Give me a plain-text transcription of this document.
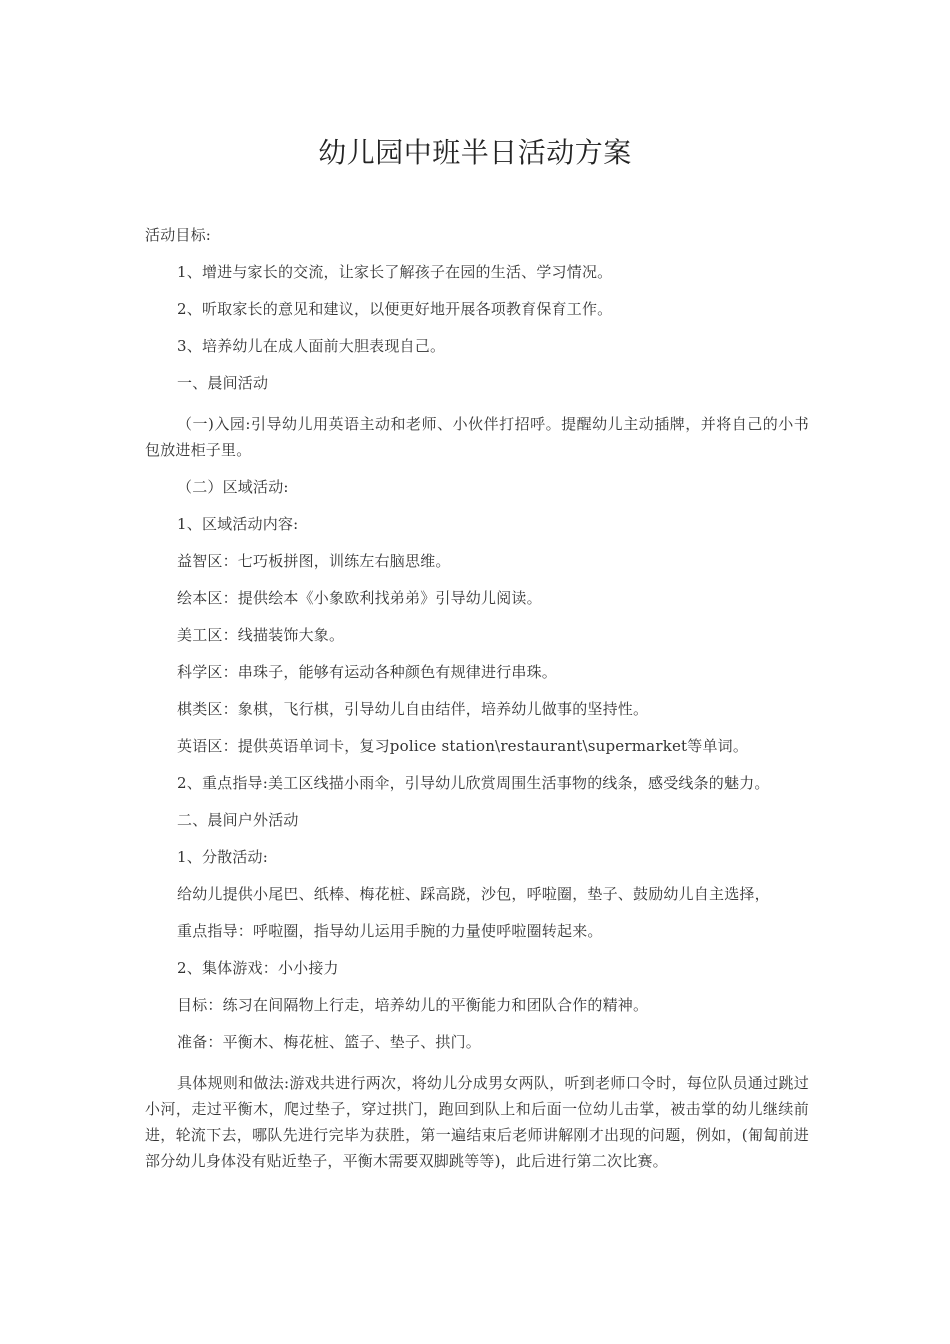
幼儿园中班半日活动方案

活动目标:

1、增进与家长的交流，让家长了解孩子在园的生活、学习情况。

2、听取家长的意见和建议，以便更好地开展各项教育保育工作。

3、培养幼儿在成人面前大胆表现自己。

一、晨间活动

（一)入园:引导幼儿用英语主动和老师、小伙伴打招呼。提醒幼儿主动插牌，并将自己的小书包放进柜子里。

（二）区域活动:

1、区域活动内容:

益智区：七巧板拼图，训练左右脑思维。

绘本区：提供绘本《小象欧利找弟弟》引导幼儿阅读。

美工区：线描装饰大象。

科学区：串珠子，能够有运动各种颜色有规律进行串珠。

棋类区：象棋，飞行棋，引导幼儿自由结伴，培养幼儿做事的坚持性。

英语区：提供英语单词卡，复习police station\restaurant\supermarket等单词。

2、重点指导:美工区线描小雨伞，引导幼儿欣赏周围生活事物的线条，感受线条的魅力。

二、晨间户外活动

1、分散活动:

给幼儿提供小尾巴、纸棒、梅花桩、踩高跷，沙包，呼啦圈，垫子、鼓励幼儿自主选择，

重点指导：呼啦圈，指导幼儿运用手腕的力量使呼啦圈转起来。

2、集体游戏：小小接力

目标：练习在间隔物上行走，培养幼儿的平衡能力和团队合作的精神。

准备：平衡木、梅花桩、篮子、垫子、拱门。

具体规则和做法:游戏共进行两次，将幼儿分成男女两队，听到老师口令时，每位队员通过跳过小河，走过平衡木，爬过垫子，穿过拱门，跑回到队上和后面一位幼儿击掌，被击掌的幼儿继续前进，轮流下去，哪队先进行完毕为获胜，第一遍结束后老师讲解刚才出现的问题，例如，(匍匐前进部分幼儿身体没有贴近垫子，平衡木需要双脚跳等等)，此后进行第二次比赛。
